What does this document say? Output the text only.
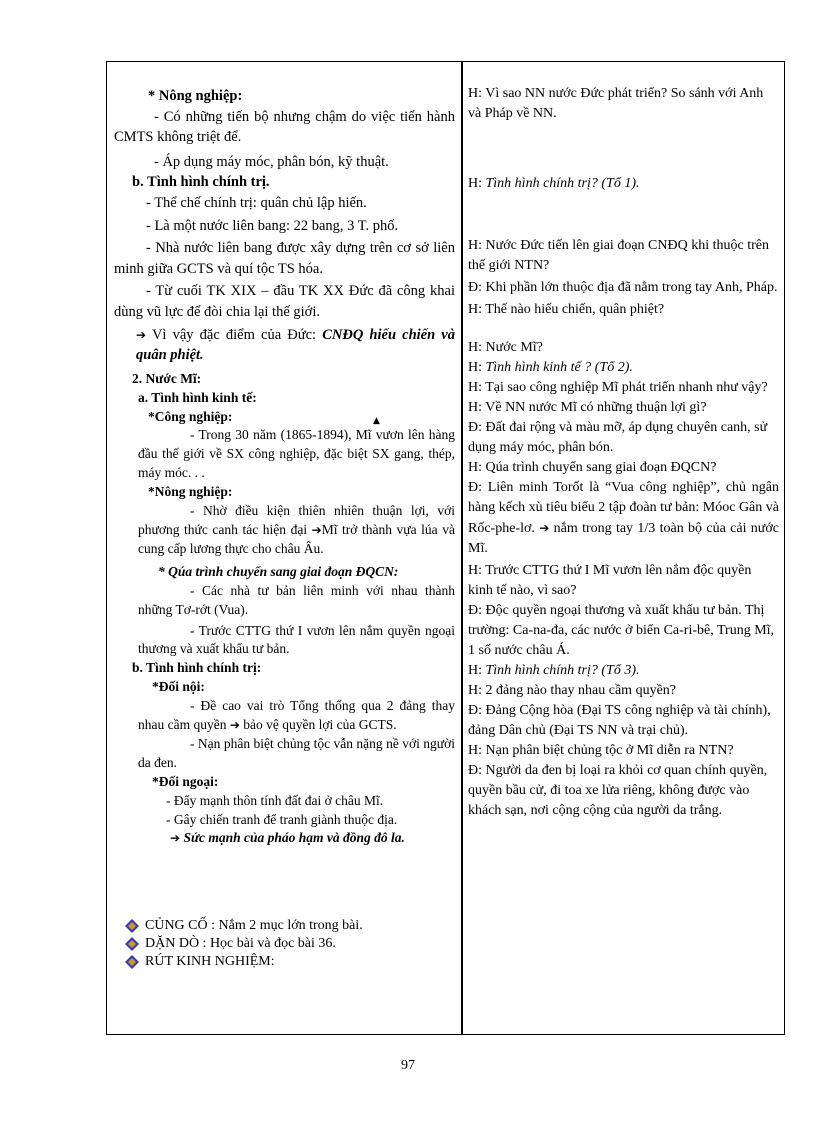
* Nông nghiệp:

- Có những tiến bộ nhưng chậm do việc tiến hành CMTS không triệt để.

- Áp dụng máy móc, phân bón, kỹ thuật.

b. Tình hình chính trị.

- Thể chế chính trị: quân chủ lập hiến.

- Là một nước liên bang: 22 bang, 3 T. phố.

- Nhà nước liên bang được xây dựng trên cơ sở liên minh giữa GCTS và quí tộc TS hóa.

- Từ cuối TK XIX – đầu TK XX Đức đã công khai dùng vũ lực để đòi chia lại thế giới.

➔ Vì vậy đặc điểm của Đức: CNĐQ hiếu chiến và quân phiệt.

2. Nước Mĩ:

a. Tình hình kinh tế:

*Công nghiệp:

- Trong 30 năm (1865-1894), Mĩ vươn lên hàng đầu thế giới về SX công nghiệp, đặc biệt SX gang, thép, máy móc. . .

*Nông nghiệp:

- Nhờ điều kiện thiên nhiên thuận lợi, với phương thức canh tác hiện đại ➔Mĩ trở thành vựa lúa và cung cấp lương thực cho châu Âu.

* Qúa trình chuyển sang giai đoạn ĐQCN:

- Các nhà tư bản liên minh với nhau thành những Tơ-rớt (Vua).

- Trước CTTG thứ I vươn lên nắm quyền ngoại thương và xuất khẩu tư bản.

b. Tình hình chính trị:

*Đối nội:

- Đề cao vai trò Tổng thống qua 2 đảng thay nhau cầm quyền ➔ bảo vệ quyền lợi của GCTS.

- Nạn phân biệt chủng tộc vẫn nặng nề với người da đen.

*Đối ngoại:

- Đẩy mạnh thôn tính đất đai ở châu Mĩ.

- Gây chiến tranh để tranh giành thuộc địa.

➔ Sức mạnh của pháo hạm và đồng đô la.

▲
CỦNG CỐ : Nắm 2 mục lớn trong bài.
DẶN DÒ : Học bài và đọc bài 36.
RÚT KINH NGHIỆM:

H: Vì sao NN nước Đức phát triển? So sánh với Anh và Pháp về NN.

H: Tình hình chính trị? (Tổ 1).

H: Nước Đức tiến lên giai đoạn CNĐQ khi thuộc trên thế giới NTN?

Đ: Khi phần lớn thuộc địa đã nằm trong tay Anh, Pháp.

H: Thế nào hiếu chiến, quân phiệt?

H: Nước Mĩ?

H: Tình hình kinh tế ? (Tổ 2).

H: Tại sao công nghiệp Mĩ phát triển nhanh như vậy?

H: Về NN nước Mĩ có những thuận lợi gì?

Đ: Đất đai rộng và màu mỡ, áp dụng chuyên canh, sử dụng máy móc, phân bón.

H: Qúa trình chuyển sang giai đoạn ĐQCN?

Đ: Liên minh Torốt là “Vua công nghiệp”, chủ ngân hàng kếch xù tiêu biểu 2 tập đoàn tư bản: Móoc Gân và Rốc-phe-lơ. ➔ nắm trong tay 1/3 toàn bộ của cải nước Mĩ.

H: Trước CTTG thứ I Mĩ vươn lên nắm độc quyền kinh tế nào, vì sao?

Đ: Độc quyền ngoại thương và xuất khẩu tư bản. Thị trường: Ca-na-đa, các nước ở biển Ca-ri-bê, Trung Mĩ, 1 số nước châu Á.

H: Tình hình chính trị? (Tổ 3).

H: 2 đảng nào thay nhau cầm quyền?

Đ: Đảng Cộng hòa (Đại TS công nghiệp và tài chính), đảng Dân chủ (Đại TS NN và trại chủ).

H: Nạn phân biệt chủng tộc ở Mĩ diễn ra NTN?

Đ: Người da đen bị loại ra khỏi cơ quan chính quyền, quyền bầu cử, đi toa xe lửa riêng, không được vào khách sạn, nơi cộng cộng của người da trắng.

97
